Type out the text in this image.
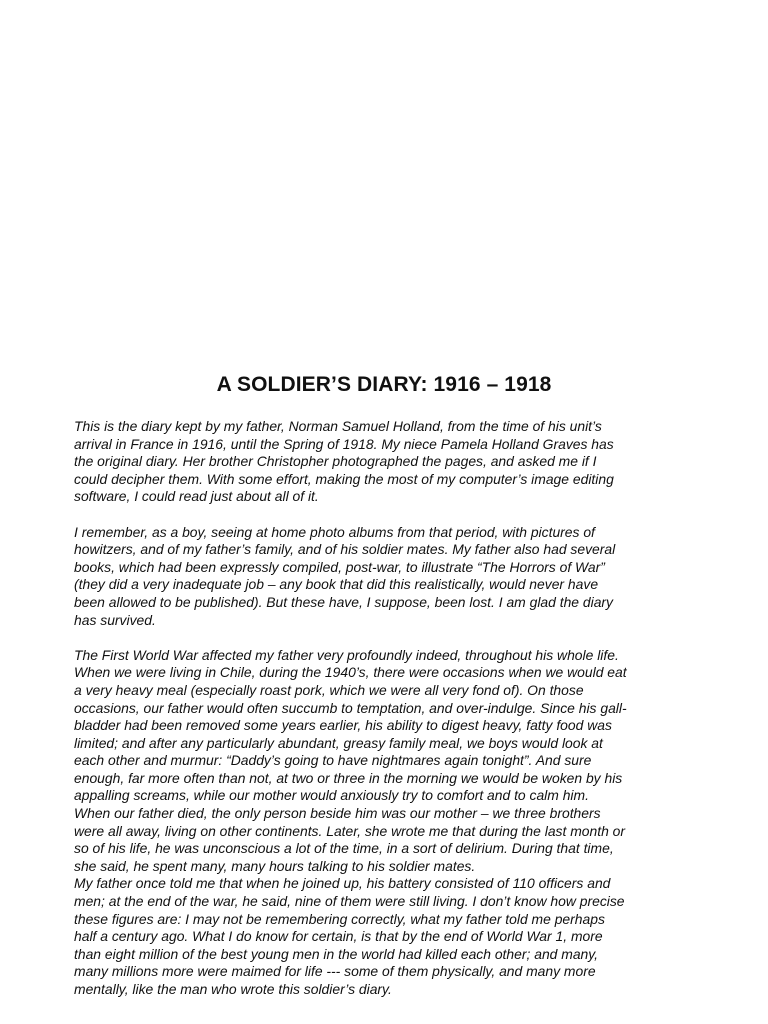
A SOLDIER’S DIARY: 1916 – 1918

This is the diary kept by my father, Norman Samuel Holland, from the time of his unit’s
arrival in France in 1916, until the Spring of 1918. My niece Pamela Holland Graves has
the original diary. Her brother Christopher photographed the pages, and asked me if I
could decipher them. With some effort, making the most of my computer’s image editing
software, I could read just about all of it.

I remember, as a boy, seeing at home photo albums from that period, with pictures of
howitzers, and of my father’s family, and of his soldier mates. My father also had several
books, which had been expressly compiled, post-war, to illustrate “The Horrors of War”
(they did a very inadequate job – any book that did this realistically, would never have
been allowed to be published). But these have, I suppose, been lost. I am glad the diary
has survived.

The First World War affected my father very profoundly indeed, throughout his whole life.
When we were living in Chile, during the 1940’s, there were occasions when we would eat
a very heavy meal (especially roast pork, which we were all very fond of). On those
occasions, our father would often succumb to temptation, and over-indulge. Since his gall-
bladder had been removed some years earlier, his ability to digest heavy, fatty food was
limited; and after any particularly abundant, greasy family meal, we boys would look at
each other and murmur: “Daddy’s going to have nightmares again tonight”. And sure
enough, far more often than not, at two or three in the morning we would be woken by his
appalling screams, while our mother would anxiously try to comfort and to calm him.

When our father died, the only person beside him was our mother – we three brothers
were all away, living on other continents. Later, she wrote me that during the last month or
so of his life, he was unconscious a lot of the time, in a sort of delirium. During that time,
she said, he spent many, many hours talking to his soldier mates.

My father once told me that when he joined up, his battery consisted of 110 officers and
men; at the end of the war, he said, nine of them were still living. I don’t know how precise
these figures are: I may not be remembering correctly, what my father told me perhaps
half a century ago. What I do know for certain, is that by the end of World War 1, more
than eight million of the best young men in the world had killed each other; and many,
many millions more were maimed for life --- some of them physically, and many more
mentally, like the man who wrote this soldier’s diary.
